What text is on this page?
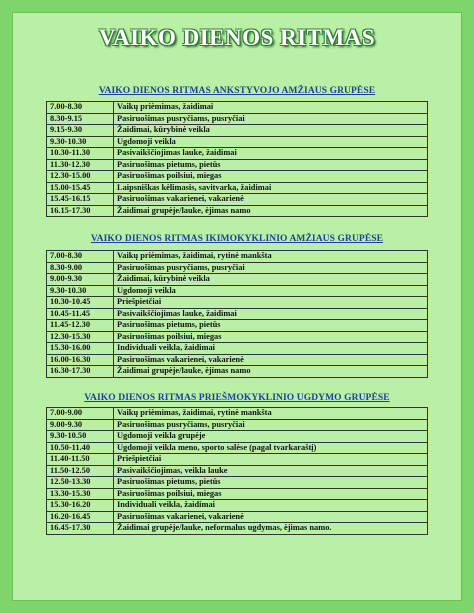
VAIKO DIENOS RITMAS
VAIKO DIENOS RITMAS ANKSTYVOJO AMŽIAUS GRUPĖSE
7.00-8.30	Vaikų priėmimas, žaidimai
8.30-9.15	Pasiruošimas pusryčiams, pusryčiai
9.15-9.30	Žaidimai, kūrybinė veikla
9.30-10.30	Ugdomoji veikla
10.30-11.30	Pasivaikščiojimas lauke, žaidimai
11.30-12.30	Pasiruošimas pietums, pietūs
12.30-15.00	Pasiruošimas poilsiui, miegas
15.00-15.45	Laipsniškas kėlimasis, savitvarka, žaidimai
15.45-16.15	Pasiruošimas vakarienei, vakarienė
16.15-17.30	Žaidimai grupėje/lauke, ėjimas namo
VAIKO DIENOS RITMAS IKIMOKYKLINIO AMŽIAUS GRUPĖSE
7.00-8.30	Vaikų priėmimas, žaidimai, rytinė mankšta
8.30-9.00	Pasiruošimas pusryčiams, pusryčiai
9.00-9.30	Žaidimai, kūrybinė veikla
9.30-10.30	Ugdomoji veikla
10.30-10.45	Priešpietčiai
10.45-11.45	Pasivaikščiojimas lauke, žaidimai
11.45-12.30	Pasiruošimas pietums, pietūs
12.30-15.30	Pasiruošimas poilsiui, miegas
15.30-16.00	Individuali veikla, žaidimai
16.00-16.30	Pasiruošimas vakarienei, vakarienė
16.30-17.30	Žaidimai grupėje/lauke, ėjimas namo
VAIKO DIENOS RITMAS PRIEŠMOKYKLINIO UGDYMO GRUPĖSE
7.00-9.00	Vaikų priėmimas, žaidimai, rytinė mankšta
9.00-9.30	Pasiruošimas pusryčiams, pusryčiai
9.30-10.50	Ugdomoji veikla grupėje
10.50-11.40	Ugdomoji veikla meno, sporto salėse (pagal tvarkaraštį)
11.40-11.50	Priešpietčiai
11.50-12.50	Pasivaikščiojimas, veikla lauke
12.50-13.30	Pasiruošimas pietums, pietūs
13.30-15.30	Pasiruošimas poilsiui, miegas
15.30-16.20	Individuali veikla, žaidimai
16.20-16.45	Pasiruošimas vakarienei, vakarienė
16.45-17.30	Žaidimai grupėje/lauke, neformalus ugdymas, ėjimas namo.
